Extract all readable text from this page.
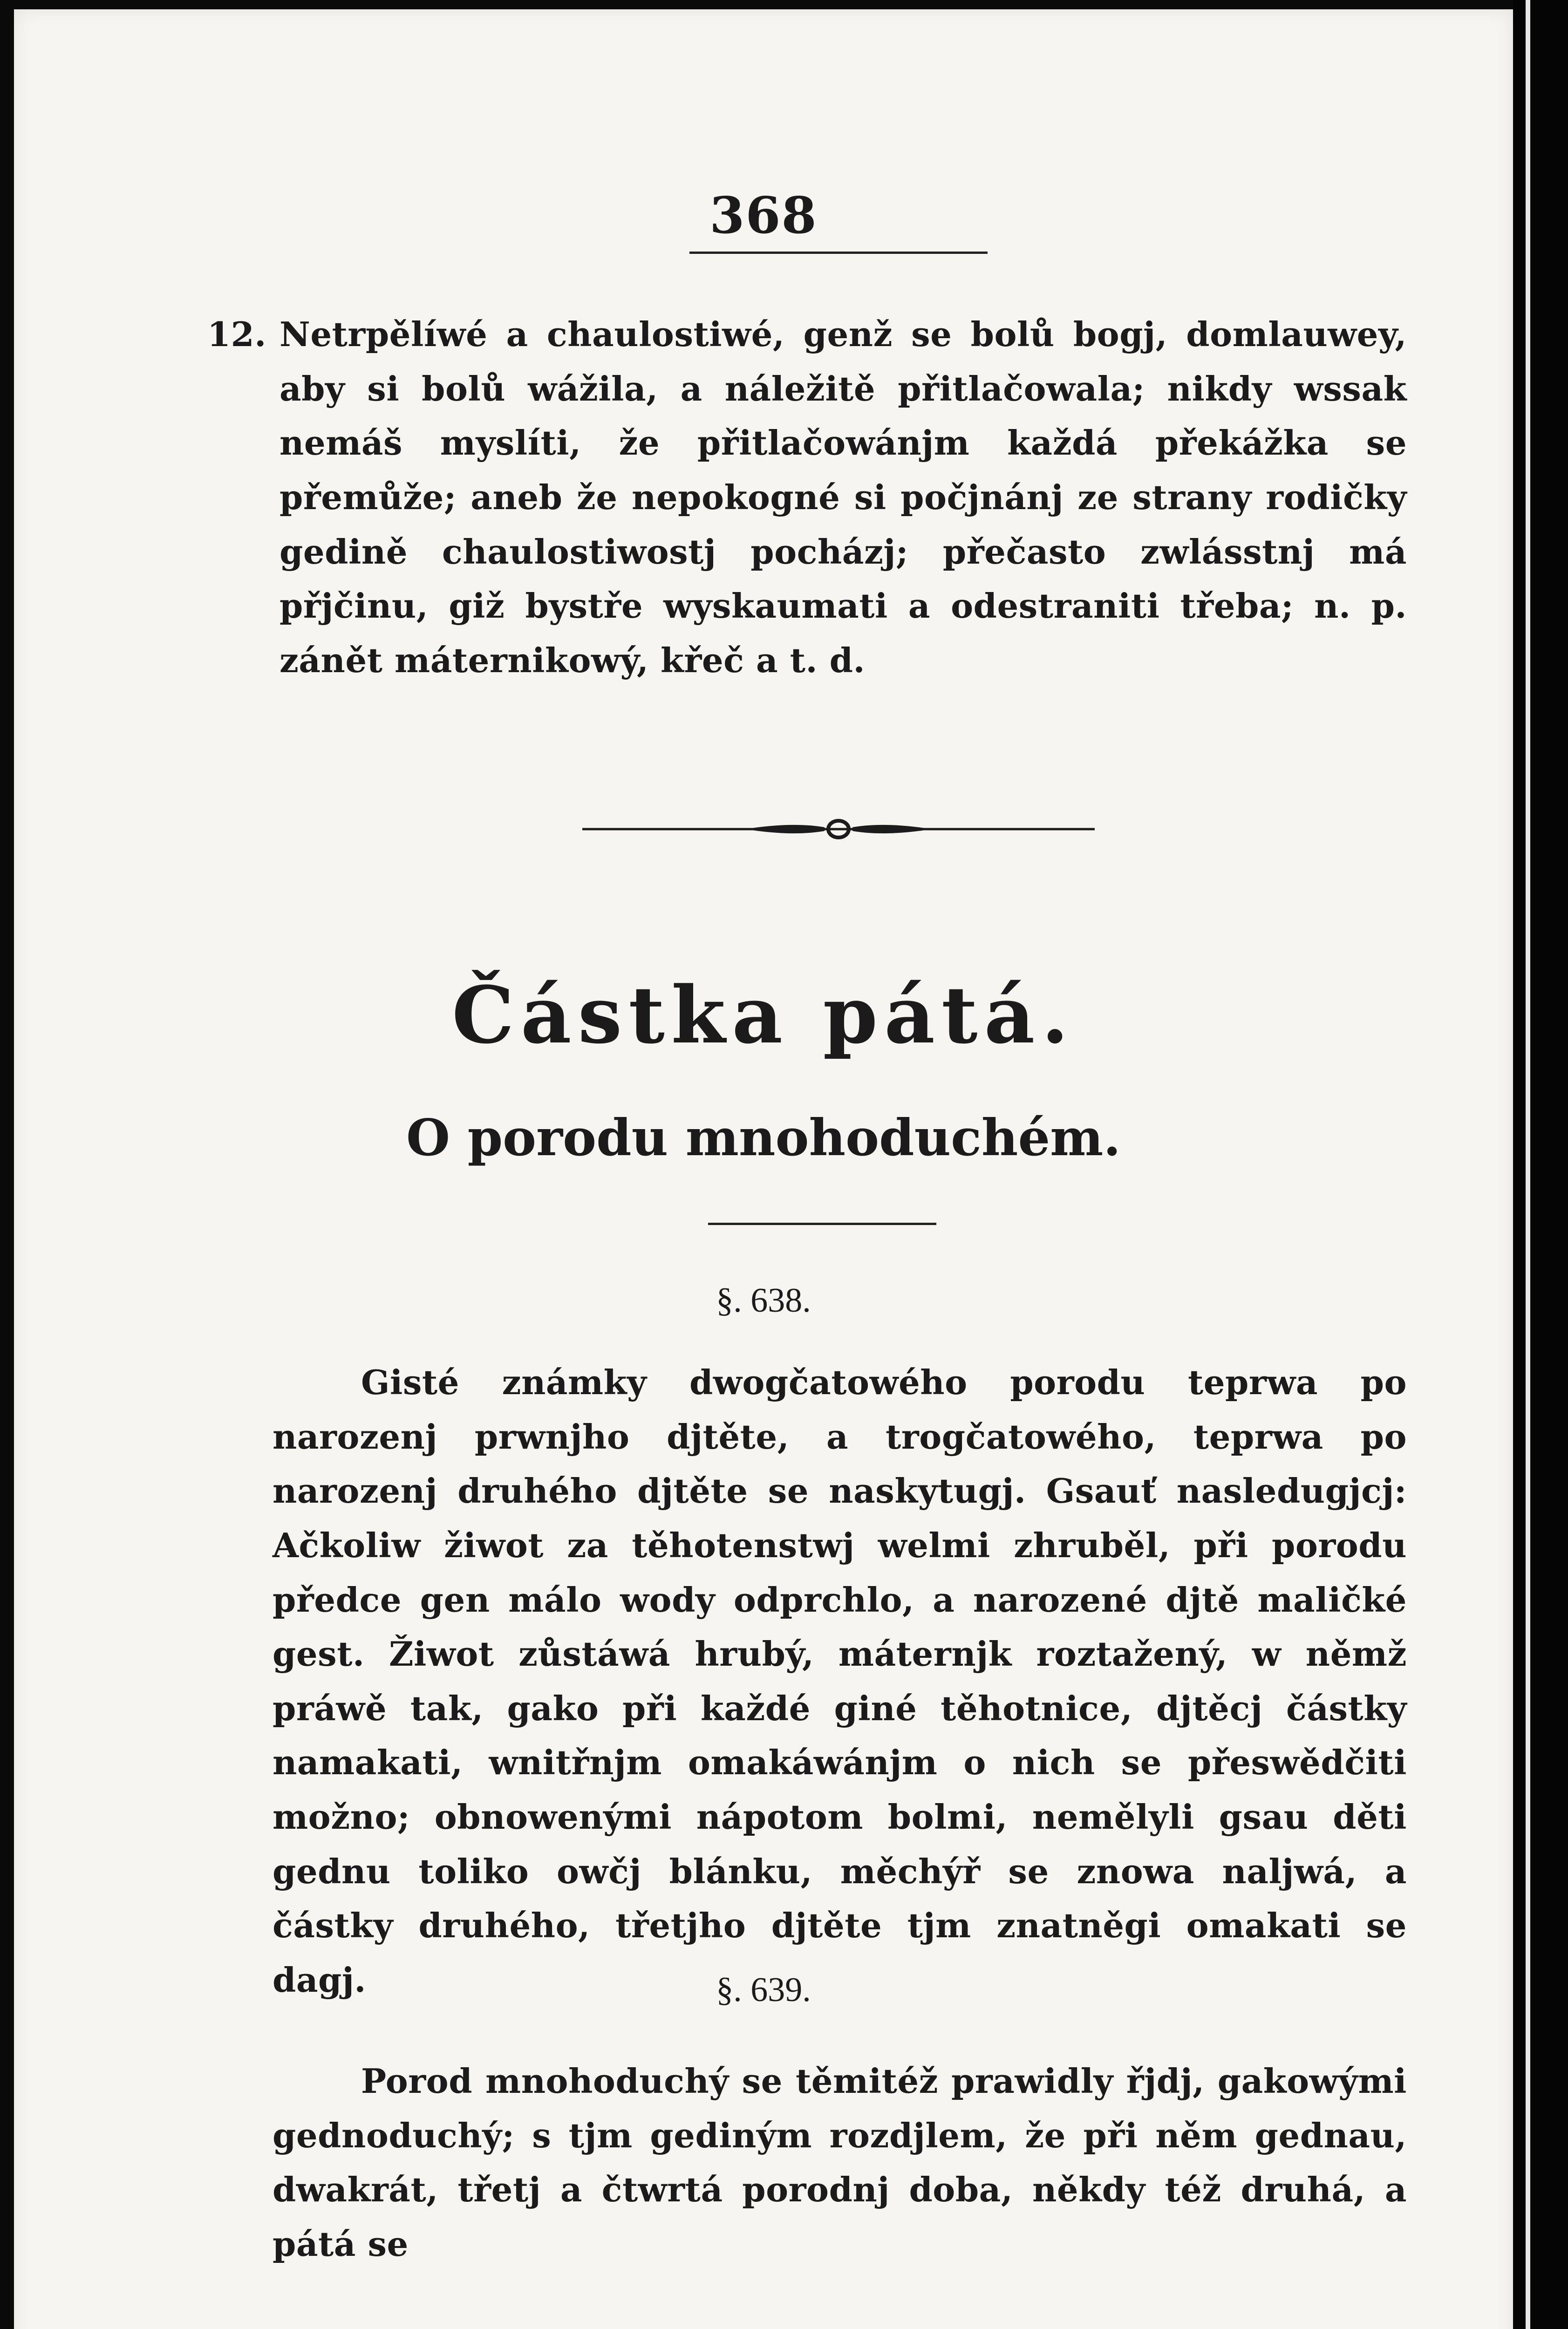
368
12. Netrpělíwé a chaulostiwé, genž se bolů bogj, domlauwey, aby si bolů wážila, a náležitě přitlačowala; nikdy wssak nemáš myslíti, že přitlačowánjm každá překážka se přemůže; aneb že nepokogné si počjnánj ze strany rodičky gedině chaulostiwostj pocházj; přečasto zwlásstnj má přjčinu, giž bystře wyskaumati a odestraniti třeba; n. p. zánět máternikowý, křeč a t. d.

Částka pátá.
O porodu mnohoduchém.
§. 638.

Gisté známky dwogčatowého porodu teprwa po narozenj prwnjho djtěte, a trogčatowého, teprwa po narozenj druhého djtěte se naskytugj. Gsauť nasledugjcj: Ačkoliw žiwot za těhotenstwj welmi zhruběl, při porodu předce gen málo wody odprchlo, a narozené djtě maličké gest. Žiwot zůstáwá hrubý, máternjk roztažený, w němž práwě tak, gako při každé giné těhotnice, djtěcj částky namakati, wnitřnjm omakáwánjm o nich se přeswědčiti možno; obnowenými nápotom bolmi, nemělyli gsau děti gednu toliko owčj blánku, měchýř se znowa naljwá, a částky druhého, třetjho djtěte tjm znatněgi omakati se dagj.	§. 639.

Porod mnohoduchý se těmitéž prawidly řjdj, gakowými gednoduchý; s tjm gediným rozdjlem, že při něm gednau, dwakrát, třetj a čtwrtá porodnj doba, někdy též druhá, a pátá se
